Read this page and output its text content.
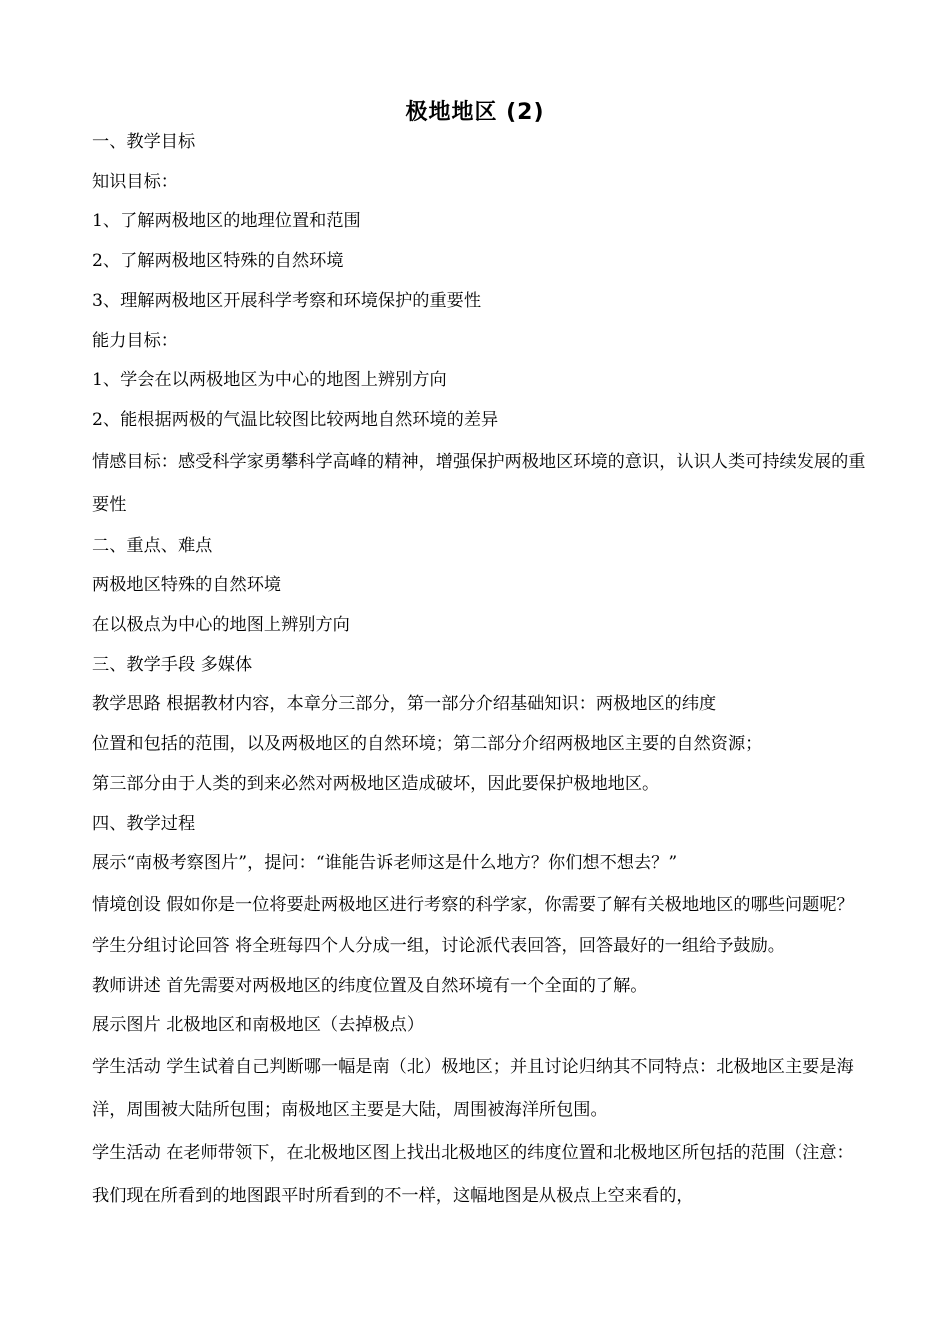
极地地区 (2)

一、教学目标

知识目标：

1、了解两极地区的地理位置和范围

2、了解两极地区特殊的自然环境

3、理解两极地区开展科学考察和环境保护的重要性

能力目标：

1、学会在以两极地区为中心的地图上辨别方向

2、能根据两极的气温比较图比较两地自然环境的差异

情感目标：感受科学家勇攀科学高峰的精神，增强保护两极地区环境的意识，认识人类可持续发展的重要性

二、重点、难点

两极地区特殊的自然环境

在以极点为中心的地图上辨别方向

三、教学手段 多媒体

教学思路 根据教材内容，本章分三部分，第一部分介绍基础知识：两极地区的纬度

位置和包括的范围，以及两极地区的自然环境；第二部分介绍两极地区主要的自然资源；

第三部分由于人类的到来必然对两极地区造成破坏，因此要保护极地地区。

四、教学过程

展示“南极考察图片”，提问：“谁能告诉老师这是什么地方？你们想不想去？”

情境创设 假如你是一位将要赴两极地区进行考察的科学家，你需要了解有关极地地区的哪些问题呢？

学生分组讨论回答 将全班每四个人分成一组，讨论派代表回答，回答最好的一组给予鼓励。

教师讲述 首先需要对两极地区的纬度位置及自然环境有一个全面的了解。

展示图片 北极地区和南极地区（去掉极点）

学生活动 学生试着自己判断哪一幅是南（北）极地区；并且讨论归纳其不同特点：北极地区主要是海洋，周围被大陆所包围；南极地区主要是大陆，周围被海洋所包围。

学生活动 在老师带领下，在北极地区图上找出北极地区的纬度位置和北极地区所包括的范围（注意：我们现在所看到的地图跟平时所看到的不一样，这幅地图是从极点上空来看的，
